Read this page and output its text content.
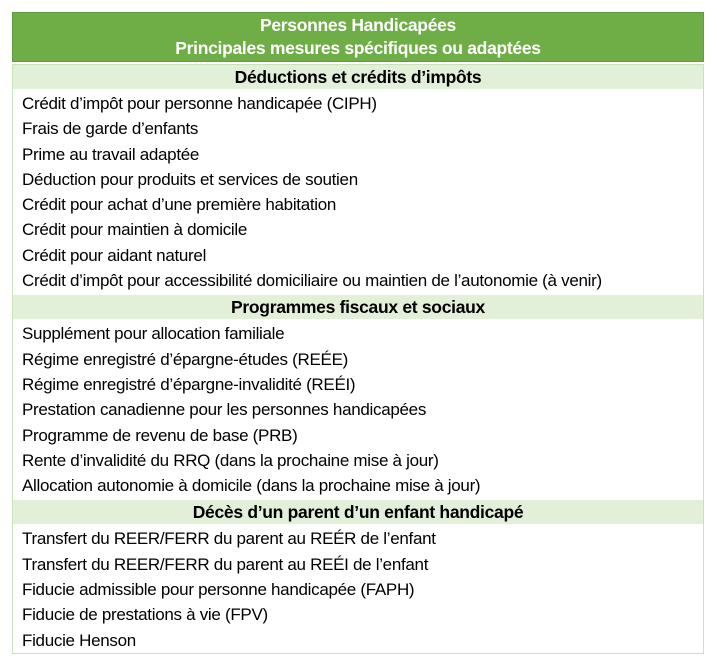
Personnes Handicapées
Principales mesures spécifiques ou adaptées
Déductions et crédits d’impôts
Crédit d’impôt pour personne handicapée (CIPH)
Frais de garde d’enfants
Prime au travail adaptée
Déduction pour produits et services de soutien
Crédit pour achat d’une première habitation
Crédit pour maintien à domicile
Crédit pour aidant naturel
Crédit d’impôt pour accessibilité domiciliaire ou maintien de l’autonomie (à venir)
Programmes fiscaux et sociaux
Supplément pour allocation familiale
Régime enregistré d’épargne-études (REÉE)
Régime enregistré d’épargne-invalidité (REÉI)
Prestation canadienne pour les personnes handicapées
Programme de revenu de base (PRB)
Rente d’invalidité du RRQ (dans la prochaine mise à jour)
Allocation autonomie à domicile (dans la prochaine mise à jour)
Décès d’un parent d’un enfant handicapé
Transfert du REER/FERR du parent au REÉR de l’enfant
Transfert du REER/FERR du parent au REÉI de l’enfant
Fiducie admissible pour personne handicapée (FAPH)
Fiducie de prestations à vie (FPV)
Fiducie Henson
